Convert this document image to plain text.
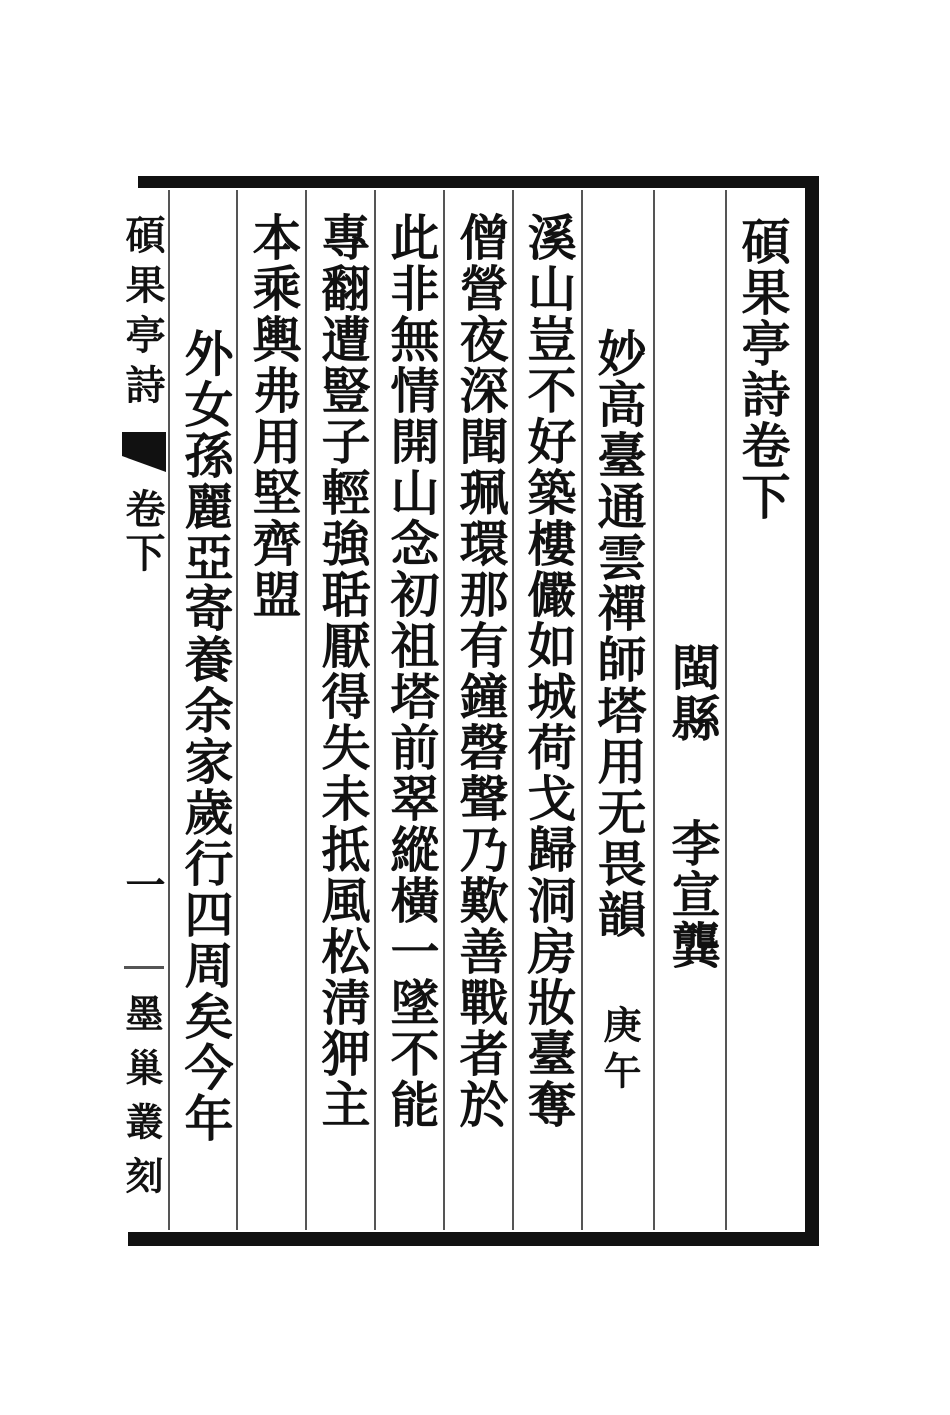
碩果亭詩卷下
閩縣
李宣龔
妙高臺通雲禪師塔用无畏韻
庚午
溪山豈不好築樓儼如城荷戈歸洞房妝臺奪
僧營夜深聞珮環那有鐘磬聲乃歎善戰者於
此非無情開山念初祖塔前翠縱橫一墜不能
專翻遭豎子輕強聒厭得失未抵風松淸狎主
本乘輿弗用堅齊盟
外女孫麗亞寄養余家歲行四周矣今年
碩果亭詩
卷下
一
墨巢叢刻
